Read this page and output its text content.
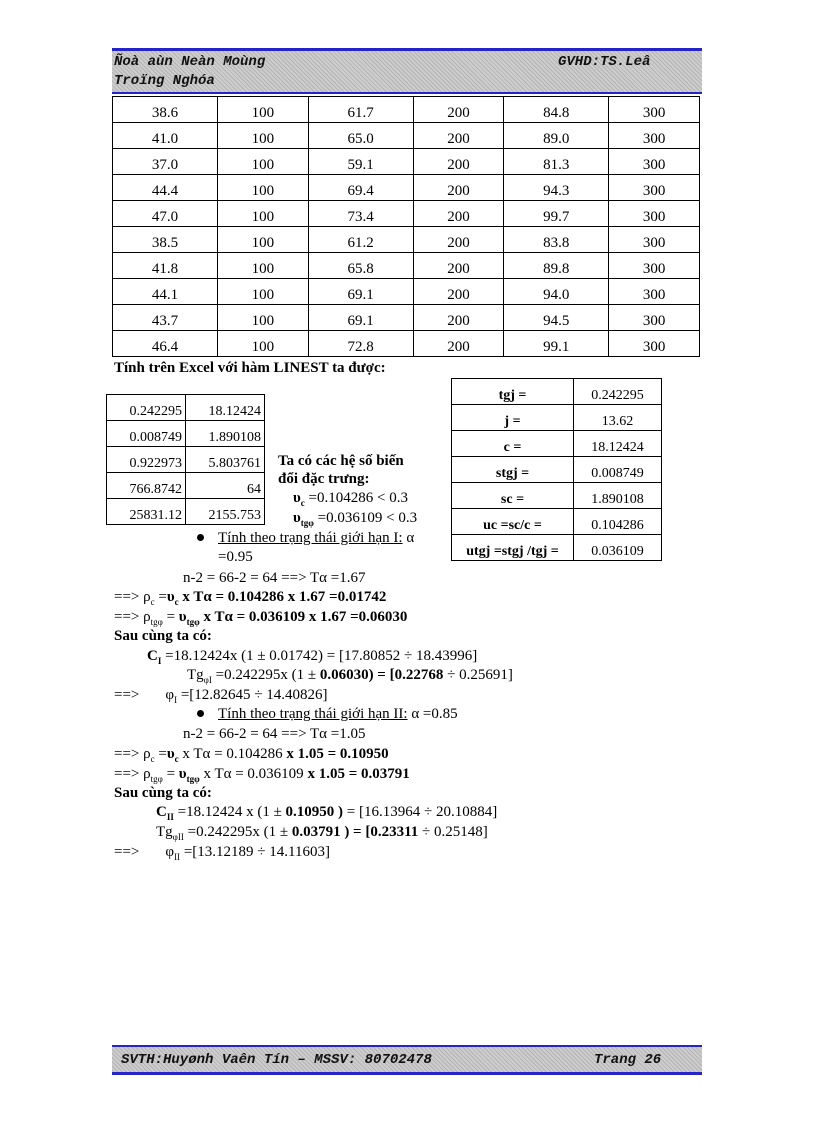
Ñoà aùn Neàn Moùng
Troïng Nghóa
GVHD:TS.Leâ
38.6	100	61.7	200	84.8	300
41.0	100	65.0	200	89.0	300
37.0	100	59.1	200	81.3	300
44.4	100	69.4	200	94.3	300
47.0	100	73.4	200	99.7	300
38.5	100	61.2	200	83.8	300
41.8	100	65.8	200	89.8	300
44.1	100	69.1	200	94.0	300
43.7	100	69.1	200	94.5	300
46.4	100	72.8	200	99.1	300
Tính trên Excel với hàm LINEST ta được:
0.242295	18.12424
0.008749	1.890108
0.922973	5.803761
766.8742	64
25831.12	2155.753
tgj =	0.242295
j =	13.62
c =	18.12424
stgj =	0.008749
sc =	1.890108
uc =sc/c =	0.104286
utgj =stgj /tgj =	0.036109
Ta có các hệ số biến
đổi đặc trưng:
$\upsilon_c =0.104286 < 0.3$
$\upsilon_{tg\varphi} =0.036109 < 0.3$
Tính theo trạng thái giới hạn I: α
=0.95
n-2 = 66-2 = 64 ==> Tα =1.67
==> $\rho_c =\upsilon_c$ x Tα = 0.104286 x 1.67 =0.01742
==> $\rho_{tg\varphi} = \upsilon_{tg\varphi}$ x Tα = 0.036109 x 1.67 =0.06030
Sau cùng ta có:
$C_I =18.12424x$ (1 ± 0.01742) = [17.80852 ÷ 18.43996]
$Tg_{\varphi I} =0.242295x$ (1 ± 0.06030) = [0.22768 ÷ 0.25691]
==> $\varphi_I =[12.82645 \div 14.40826]$
Tính theo trạng thái giới hạn II: α =0.85
n-2 = 66-2 = 64 ==> Tα =1.05
==> $\rho_c =\upsilon_c$ x Tα = 0.104286 x 1.05 = 0.10950
==> $\rho_{tg\varphi} = \upsilon_{tg\varphi}$ x Tα = 0.036109 x 1.05 = 0.03791
Sau cùng ta có:
$C_{II} =18.12424$ x (1 ± 0.10950 ) = [16.13964 ÷ 20.10884]
$Tg_{\varphi II} =0.242295x$ (1 ± 0.03791 ) = [0.23311 ÷ 0.25148]
==> $\varphi_{II} =[13.12189 \div 14.11603]$
SVTH:Huyønh Vaên Tín – MSSV: 80702478	Trang 26
